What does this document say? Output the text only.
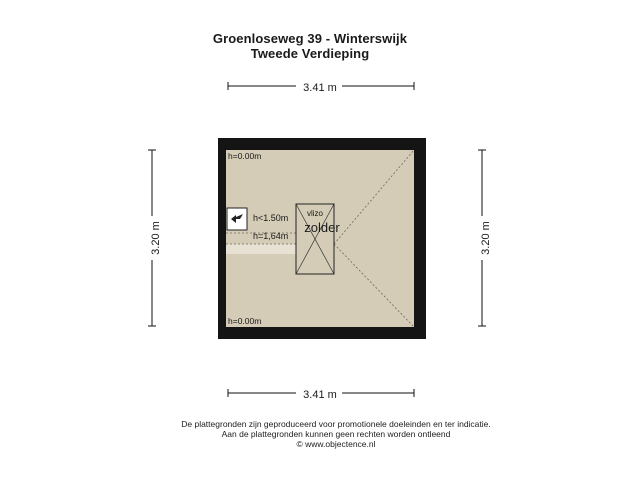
Groenloseweg 39 - Winterswijk
Tweede Verdieping
3.41 m
3.41 m
3.20 m	3.20 m
h=0.00m
h=0.00m
h<1.50m
h=1,64m
vlizo
zolder
De plattegronden zijn geproduceerd voor promotionele doeleinden en ter indicatie.
Aan de plattegronden kunnen geen rechten worden ontleend
© www.objectence.nl
